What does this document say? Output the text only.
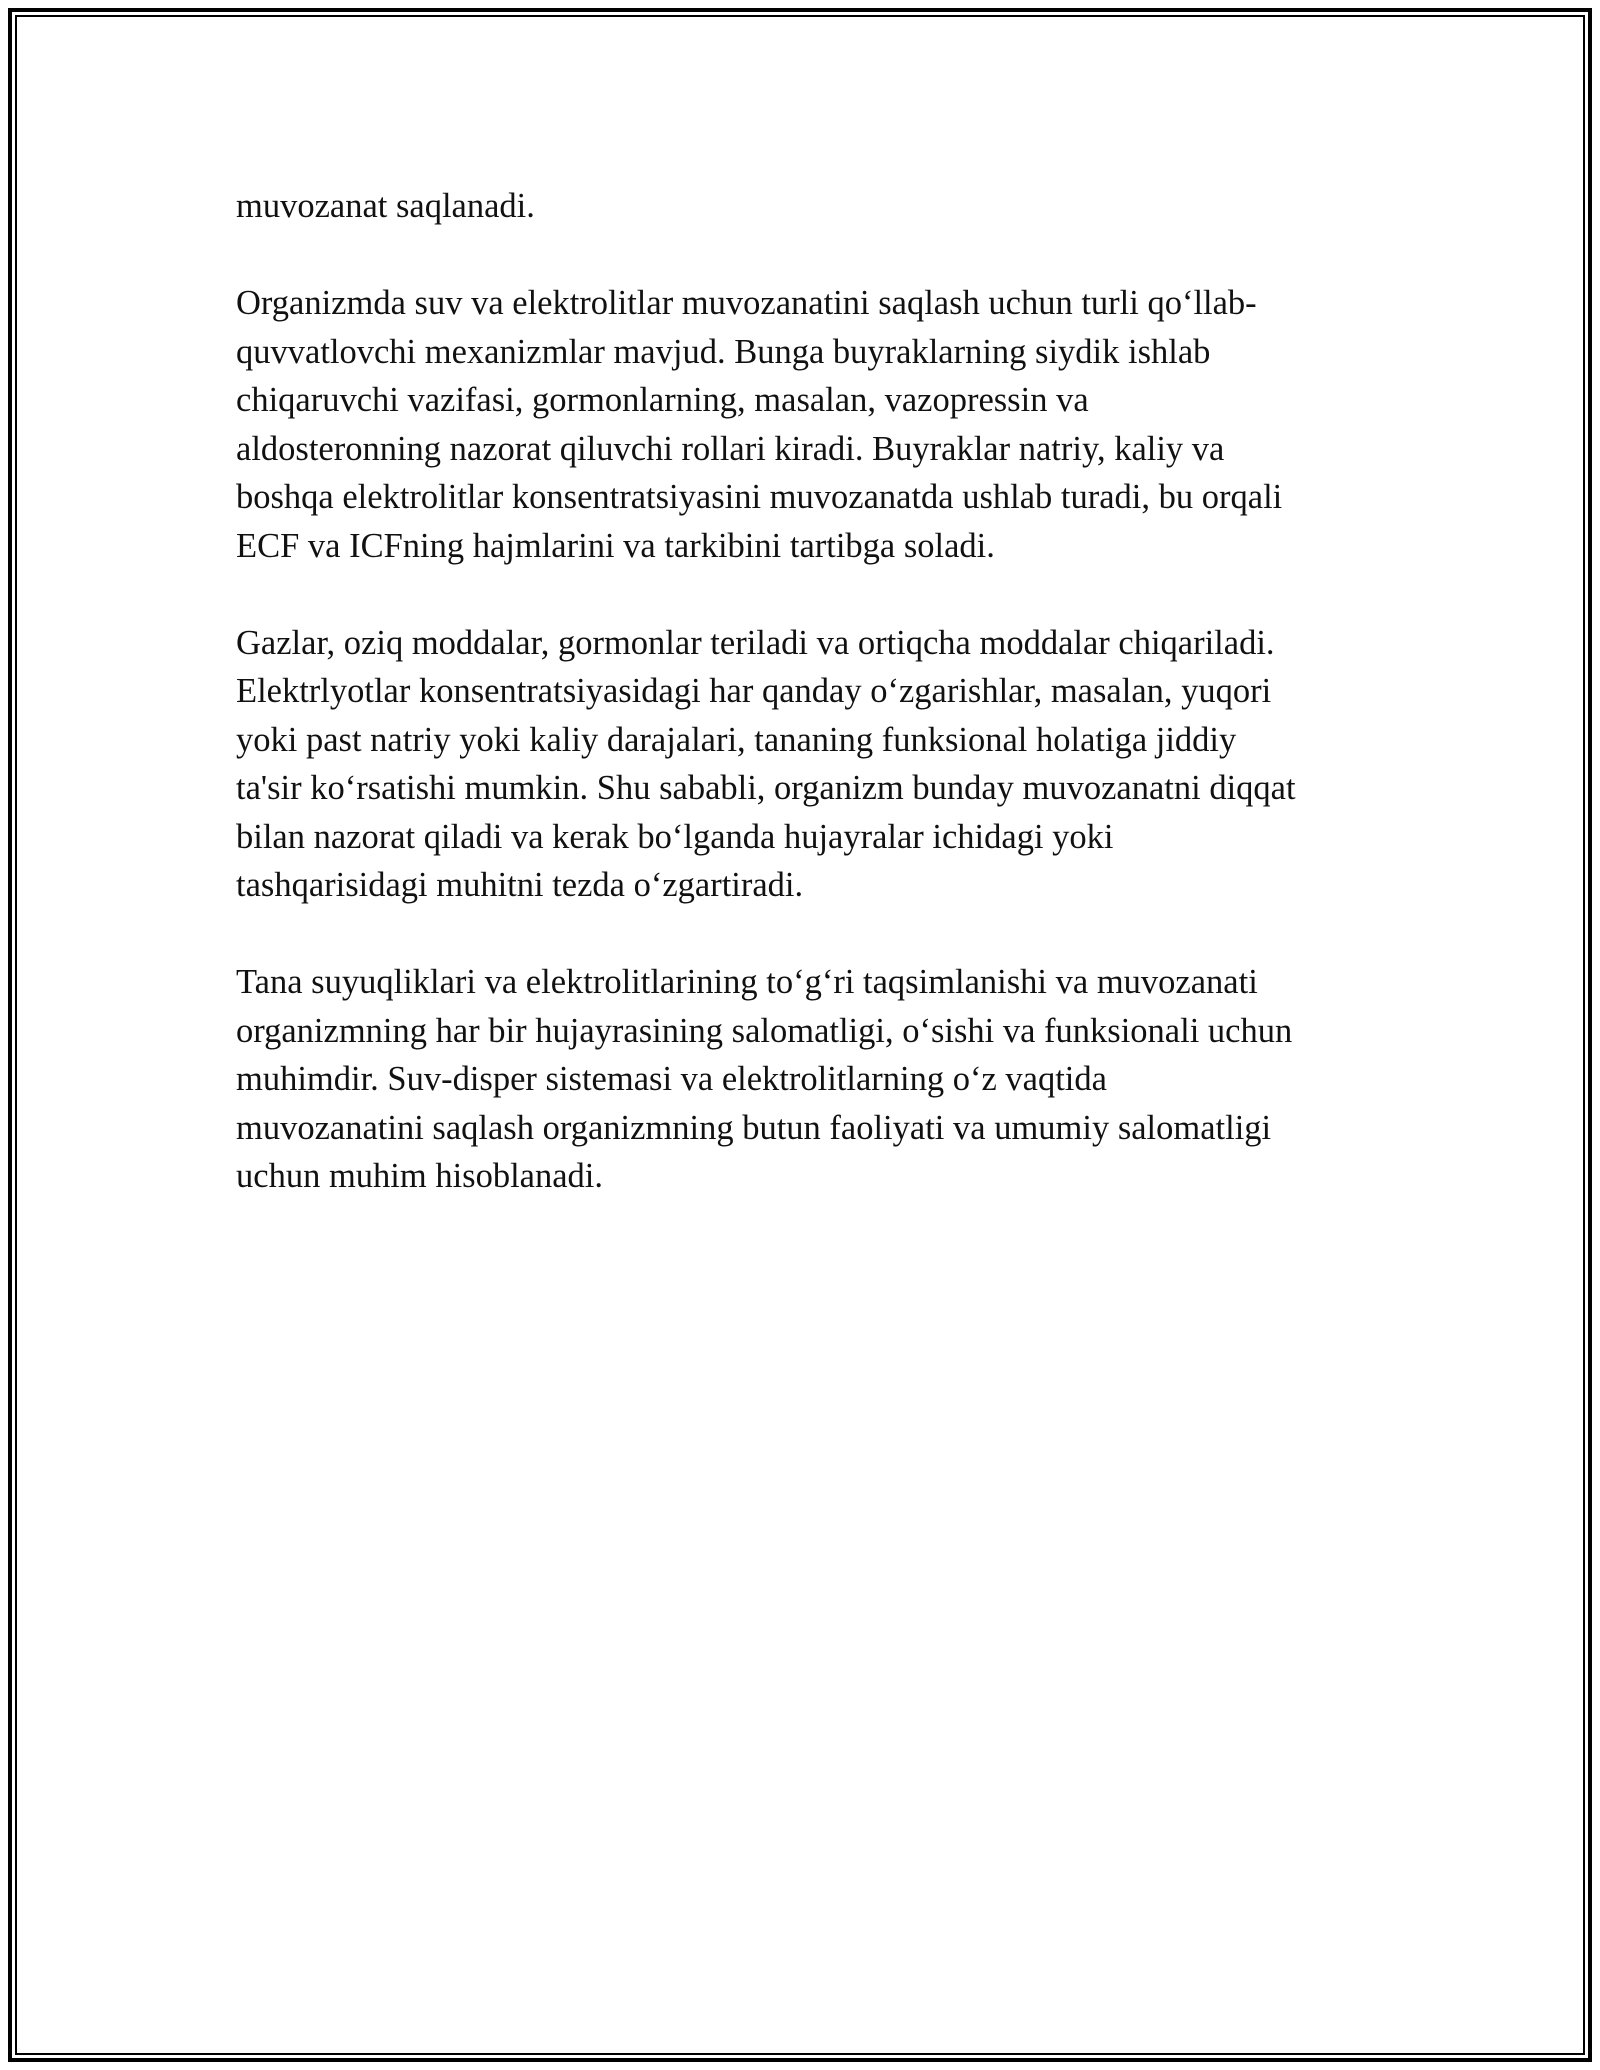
muvozanat saqlanadi.

Organizmda suv va elektrolitlar muvozanatini saqlash uchun turli qo‘llab-
quvvatlovchi mexanizmlar mavjud. Bunga buyraklarning siydik ishlab
chiqaruvchi vazifasi, gormonlarning, masalan, vazopressin va
aldosteronning nazorat qiluvchi rollari kiradi. Buyraklar natriy, kaliy va
boshqa elektrolitlar konsentratsiyasini muvozanatda ushlab turadi, bu orqali
ECF va ICFning hajmlarini va tarkibini tartibga soladi.

Gazlar, oziq moddalar, gormonlar teriladi va ortiqcha moddalar chiqariladi.
Elektrlyotlar konsentratsiyasidagi har qanday o‘zgarishlar, masalan, yuqori
yoki past natriy yoki kaliy darajalari, tananing funksional holatiga jiddiy
ta'sir ko‘rsatishi mumkin. Shu sababli, organizm bunday muvozanatni diqqat
bilan nazorat qiladi va kerak bo‘lganda hujayralar ichidagi yoki
tashqarisidagi muhitni tezda o‘zgartiradi.

Tana suyuqliklari va elektrolitlarining to‘g‘ri taqsimlanishi va muvozanati
organizmning har bir hujayrasining salomatligi, o‘sishi va funksionali uchun
muhimdir. Suv-disper sistemasi va elektrolitlarning o‘z vaqtida
muvozanatini saqlash organizmning butun faoliyati va umumiy salomatligi
uchun muhim hisoblanadi.
